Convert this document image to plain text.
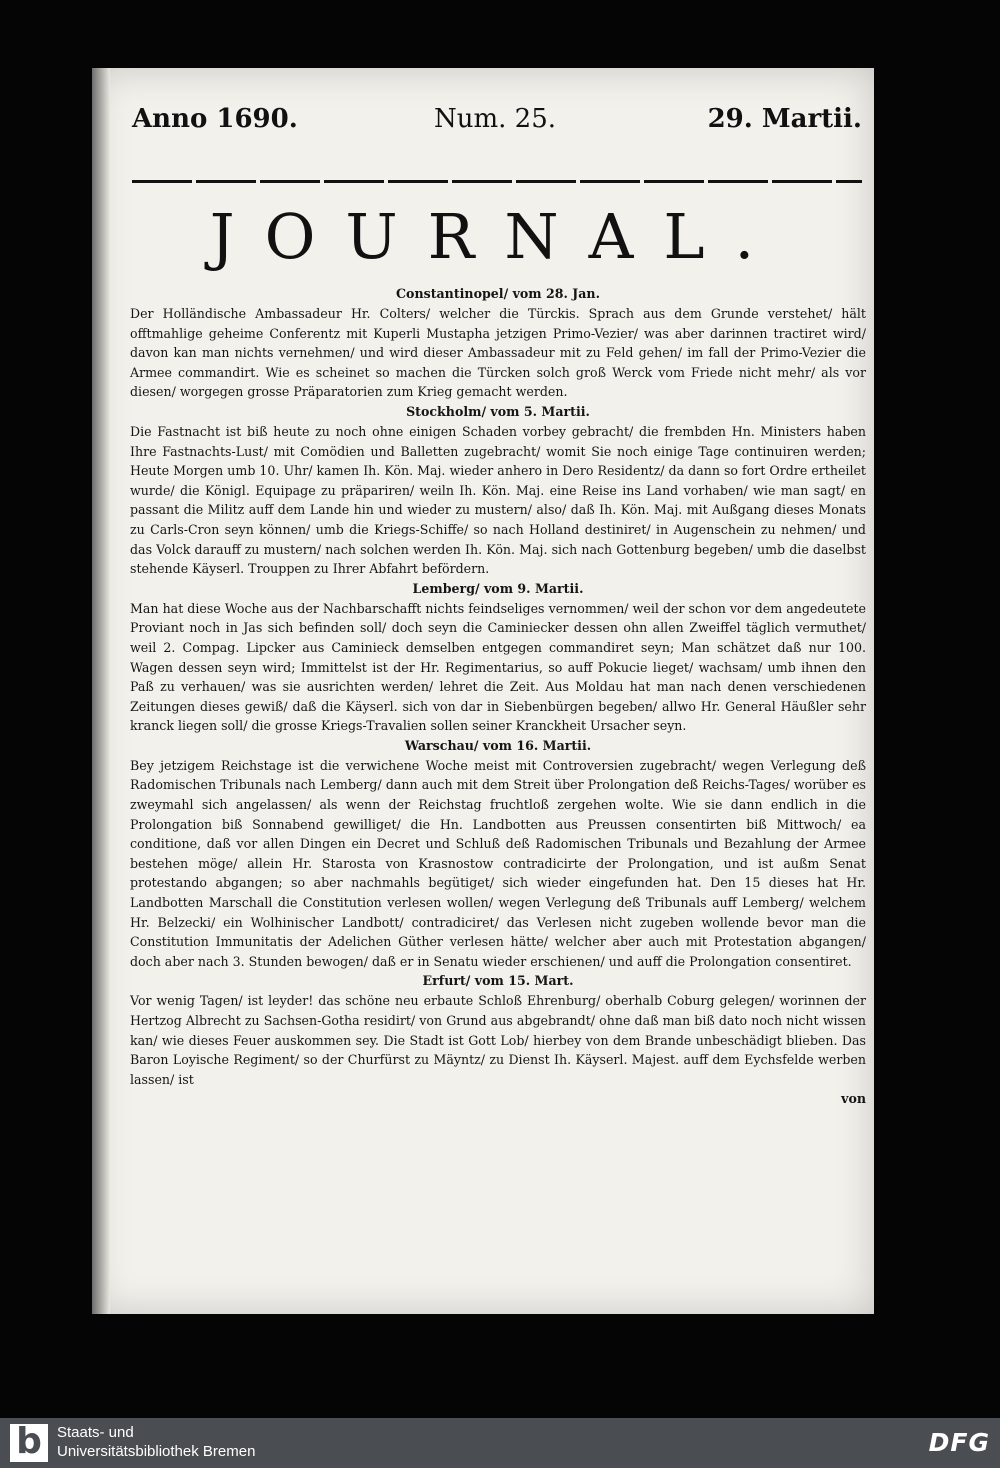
Anno 1690.	Num. 25.	29. Martii.
JOURNAL.
Constantinopel/ vom 28. Jan.

Der Holländische Ambassadeur Hr. Colters/ welcher die Türckis. Sprach aus dem Grunde verstehet/ hält offtmahlige geheime Conferentz mit Kuperli Mustapha jetzigen Primo-Vezier/ was aber darinnen tractiret wird/ davon kan man nichts vernehmen/ und wird dieser Ambassadeur mit zu Feld gehen/ im fall der Primo-Vezier die Armee commandirt. Wie es scheinet so machen die Türcken solch groß Werck vom Friede nicht mehr/ als vor diesen/ worgegen grosse Präparatorien zum Krieg gemacht werden.

Stockholm/ vom 5. Martii.

Die Fastnacht ist biß heute zu noch ohne einigen Schaden vorbey gebracht/ die frembden Hn. Ministers haben Ihre Fastnachts-Lust/ mit Comödien und Balletten zugebracht/ womit Sie noch einige Tage continuiren werden; Heute Morgen umb 10. Uhr/ kamen Ih. Kön. Maj. wieder anhero in Dero Residentz/ da dann so fort Ordre ertheilet wurde/ die Königl. Equipage zu präpariren/ weiln Ih. Kön. Maj. eine Reise ins Land vorhaben/ wie man sagt/ en passant die Militz auff dem Lande hin und wieder zu mustern/ also/ daß Ih. Kön. Maj. mit Außgang dieses Monats zu Carls-Cron seyn können/ umb die Kriegs-Schiffe/ so nach Holland destiniret/ in Augenschein zu nehmen/ und das Volck darauff zu mustern/ nach solchen werden Ih. Kön. Maj. sich nach Gottenburg begeben/ umb die daselbst stehende Käyserl. Trouppen zu Ihrer Abfahrt befördern.

Lemberg/ vom 9. Martii.

Man hat diese Woche aus der Nachbarschafft nichts feindseliges vernommen/ weil der schon vor dem angedeutete Proviant noch in Jas sich befinden soll/ doch seyn die Caminiecker dessen ohn allen Zweiffel täglich vermuthet/ weil 2. Compag. Lipcker aus Caminieck demselben entgegen commandiret seyn; Man schätzet daß nur 100. Wagen dessen seyn wird; Immittelst ist der Hr. Regimentarius, so auff Pokucie lieget/ wachsam/ umb ihnen den Paß zu verhauen/ was sie ausrichten werden/ lehret die Zeit. Aus Moldau hat man nach denen verschiedenen Zeitungen dieses gewiß/ daß die Käyserl. sich von dar in Siebenbürgen begeben/ allwo Hr. General Häußler sehr kranck liegen soll/ die grosse Kriegs-Travalien sollen seiner Kranckheit Ursacher seyn.

Warschau/ vom 16. Martii.

Bey jetzigem Reichstage ist die verwichene Woche meist mit Controversien zugebracht/ wegen Verlegung deß Radomischen Tribunals nach Lemberg/ dann auch mit dem Streit über Prolongation deß Reichs-Tages/ worüber es zweymahl sich angelassen/ als wenn der Reichstag fruchtloß zergehen wolte. Wie sie dann endlich in die Prolongation biß Sonnabend gewilliget/ die Hn. Landbotten aus Preussen consentirten biß Mittwoch/ ea conditione, daß vor allen Dingen ein Decret und Schluß deß Radomischen Tribunals und Bezahlung der Armee bestehen möge/ allein Hr. Starosta von Krasnostow contradicirte der Prolongation, und ist außm Senat protestando abgangen; so aber nachmahls begütiget/ sich wieder eingefunden hat. Den 15 dieses hat Hr. Landbotten Marschall die Constitution verlesen wollen/ wegen Verlegung deß Tribunals auff Lemberg/ welchem Hr. Belzecki/ ein Wolhinischer Landbott/ contradiciret/ das Verlesen nicht zugeben wollende bevor man die Constitution Immunitatis der Adelichen Güther verlesen hätte/ welcher aber auch mit Protestation abgangen/ doch aber nach 3. Stunden bewogen/ daß er in Senatu wieder erschienen/ und auff die Prolongation consentiret.

Erfurt/ vom 15. Mart.

Vor wenig Tagen/ ist leyder! das schöne neu erbaute Schloß Ehrenburg/ oberhalb Coburg gelegen/ worinnen der Hertzog Albrecht zu Sachsen-Gotha residirt/ von Grund aus abgebrandt/ ohne daß man biß dato noch nicht wissen kan/ wie dieses Feuer auskommen sey. Die Stadt ist Gott Lob/ hierbey von dem Brande unbeschädigt blieben. Das Baron Loyische Regiment/ so der Churfürst zu Mäyntz/ zu Dienst Ih. Käyserl. Majest. auff dem Eychsfelde werben lassen/ ist

von
b	Staats- und
Universitätsbibliothek Bremen	DFG
